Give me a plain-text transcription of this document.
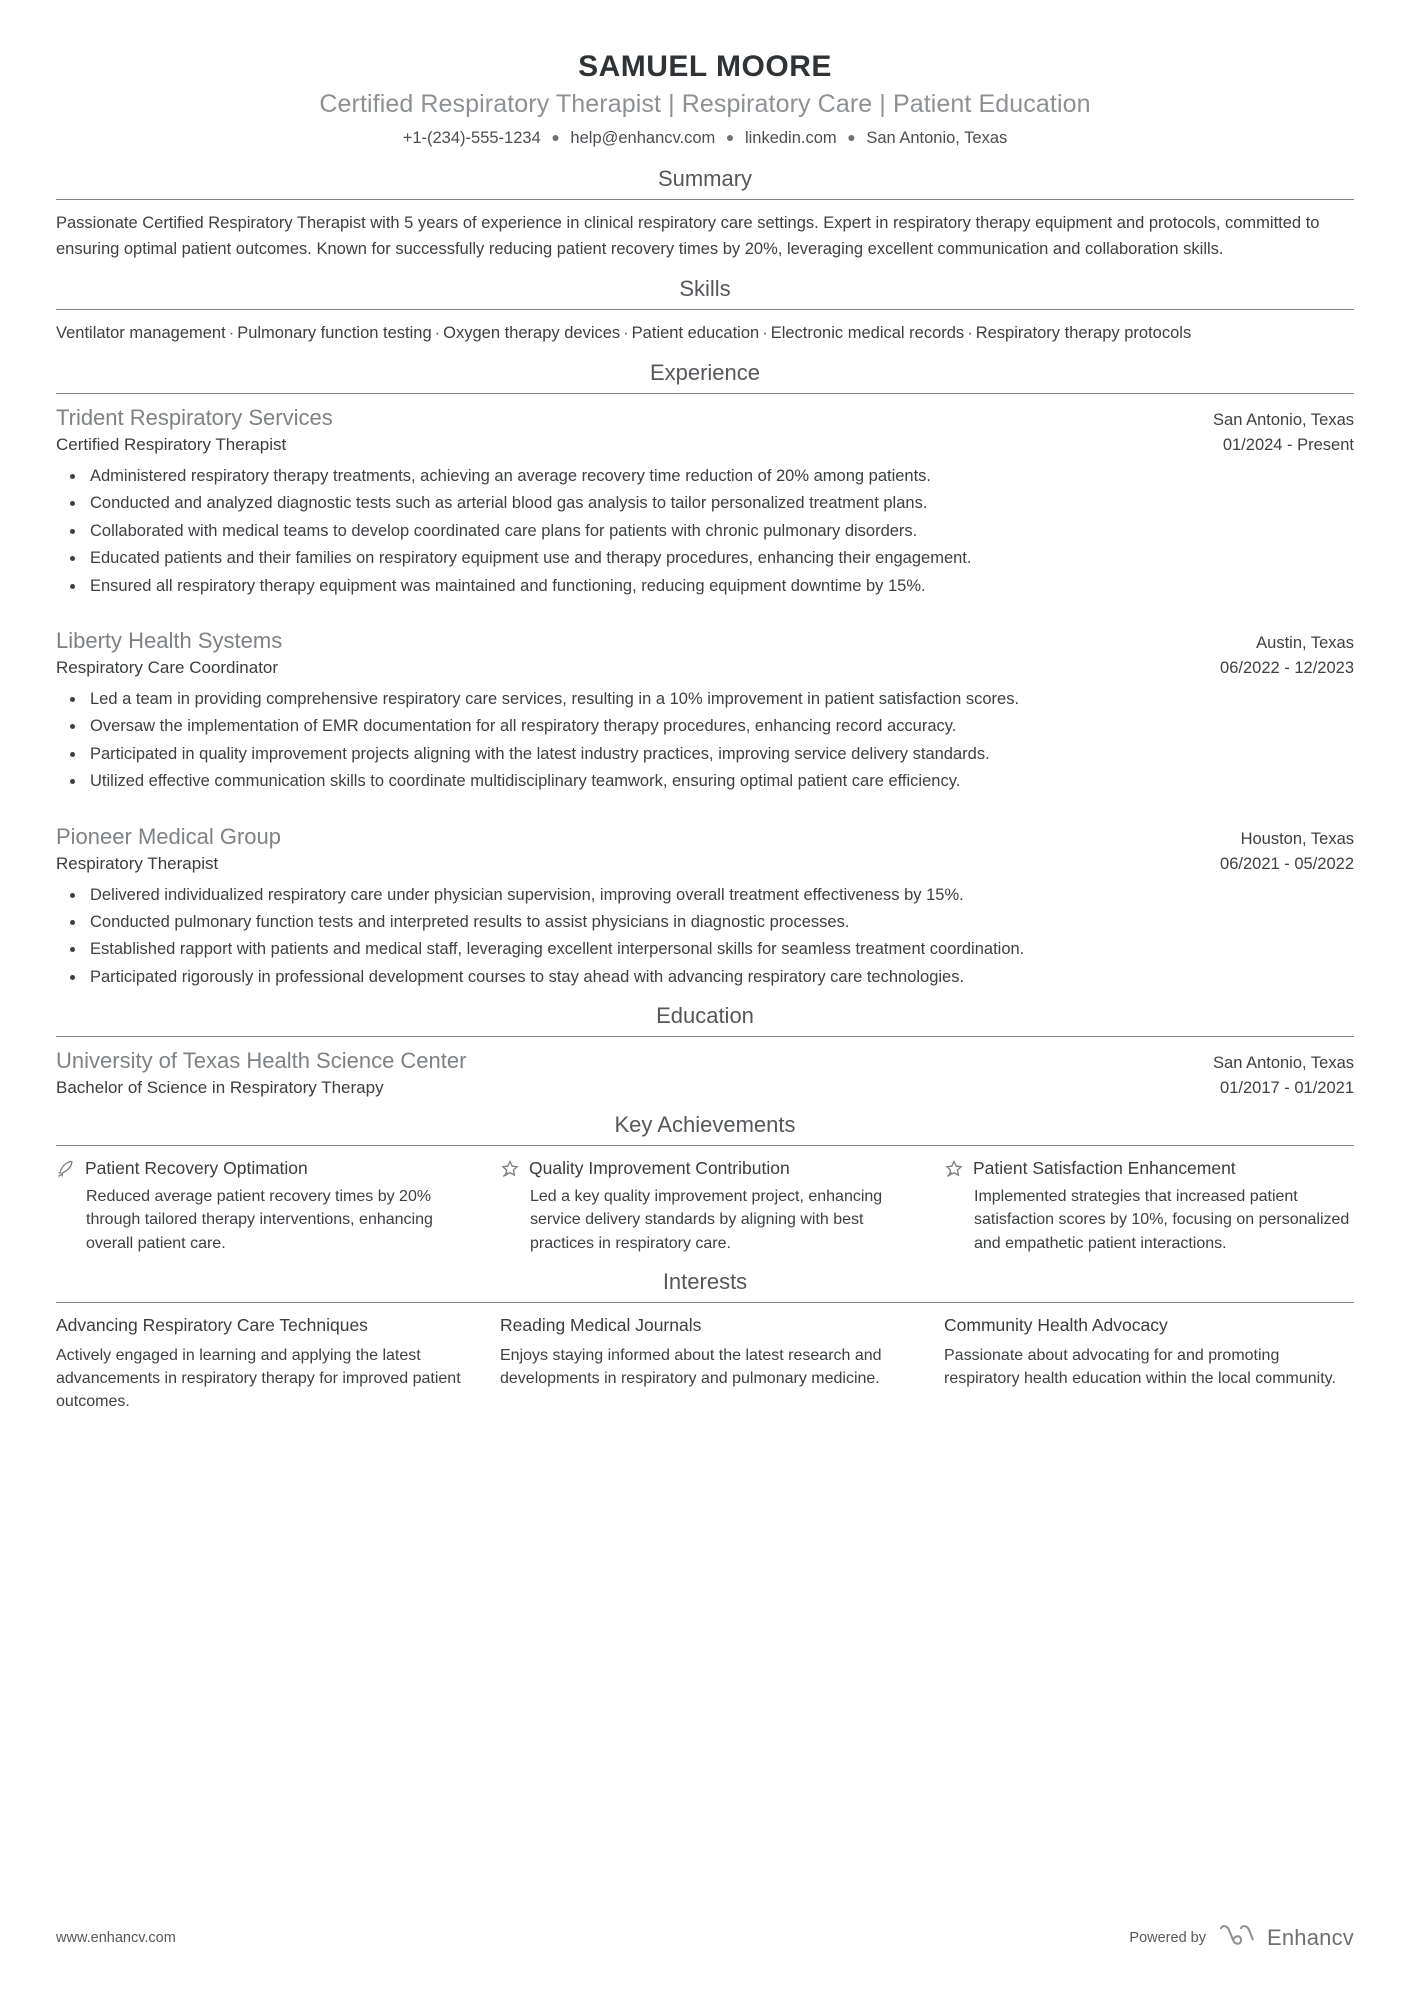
SAMUEL MOORE
Certified Respiratory Therapist | Respiratory Care | Patient Education
+1-(234)-555-1234 ● help@enhancv.com ● linkedin.com ● San Antonio, Texas
Summary
Passionate Certified Respiratory Therapist with 5 years of experience in clinical respiratory care settings. Expert in respiratory therapy equipment and protocols, committed to ensuring optimal patient outcomes. Known for successfully reducing patient recovery times by 20%, leveraging excellent communication and collaboration skills.
Skills
Ventilator management · Pulmonary function testing · Oxygen therapy devices · Patient education · Electronic medical records · Respiratory therapy protocols
Experience
Trident Respiratory Services	San Antonio, Texas
Certified Respiratory Therapist	01/2024 - Present
• Administered respiratory therapy treatments, achieving an average recovery time reduction of 20% among patients.
• Conducted and analyzed diagnostic tests such as arterial blood gas analysis to tailor personalized treatment plans.
• Collaborated with medical teams to develop coordinated care plans for patients with chronic pulmonary disorders.
• Educated patients and their families on respiratory equipment use and therapy procedures, enhancing their engagement.
• Ensured all respiratory therapy equipment was maintained and functioning, reducing equipment downtime by 15%.
Liberty Health Systems	Austin, Texas
Respiratory Care Coordinator	06/2022 - 12/2023
• Led a team in providing comprehensive respiratory care services, resulting in a 10% improvement in patient satisfaction scores.
• Oversaw the implementation of EMR documentation for all respiratory therapy procedures, enhancing record accuracy.
• Participated in quality improvement projects aligning with the latest industry practices, improving service delivery standards.
• Utilized effective communication skills to coordinate multidisciplinary teamwork, ensuring optimal patient care efficiency.
Pioneer Medical Group	Houston, Texas
Respiratory Therapist	06/2021 - 05/2022
• Delivered individualized respiratory care under physician supervision, improving overall treatment effectiveness by 15%.
• Conducted pulmonary function tests and interpreted results to assist physicians in diagnostic processes.
• Established rapport with patients and medical staff, leveraging excellent interpersonal skills for seamless treatment coordination.
• Participated rigorously in professional development courses to stay ahead with advancing respiratory care technologies.
Education
University of Texas Health Science Center	San Antonio, Texas
Bachelor of Science in Respiratory Therapy	01/2017 - 01/2021
Key Achievements
Patient Recovery Optimation
Reduced average patient recovery times by 20% through tailored therapy interventions, enhancing overall patient care.
Quality Improvement Contribution
Led a key quality improvement project, enhancing service delivery standards by aligning with best practices in respiratory care.
Patient Satisfaction Enhancement
Implemented strategies that increased patient satisfaction scores by 10%, focusing on personalized and empathetic patient interactions.
Interests
Advancing Respiratory Care Techniques
Actively engaged in learning and applying the latest advancements in respiratory therapy for improved patient outcomes.
Reading Medical Journals
Enjoys staying informed about the latest research and developments in respiratory and pulmonary medicine.
Community Health Advocacy
Passionate about advocating for and promoting respiratory health education within the local community.
www.enhancv.com	Powered by	Enhancv
